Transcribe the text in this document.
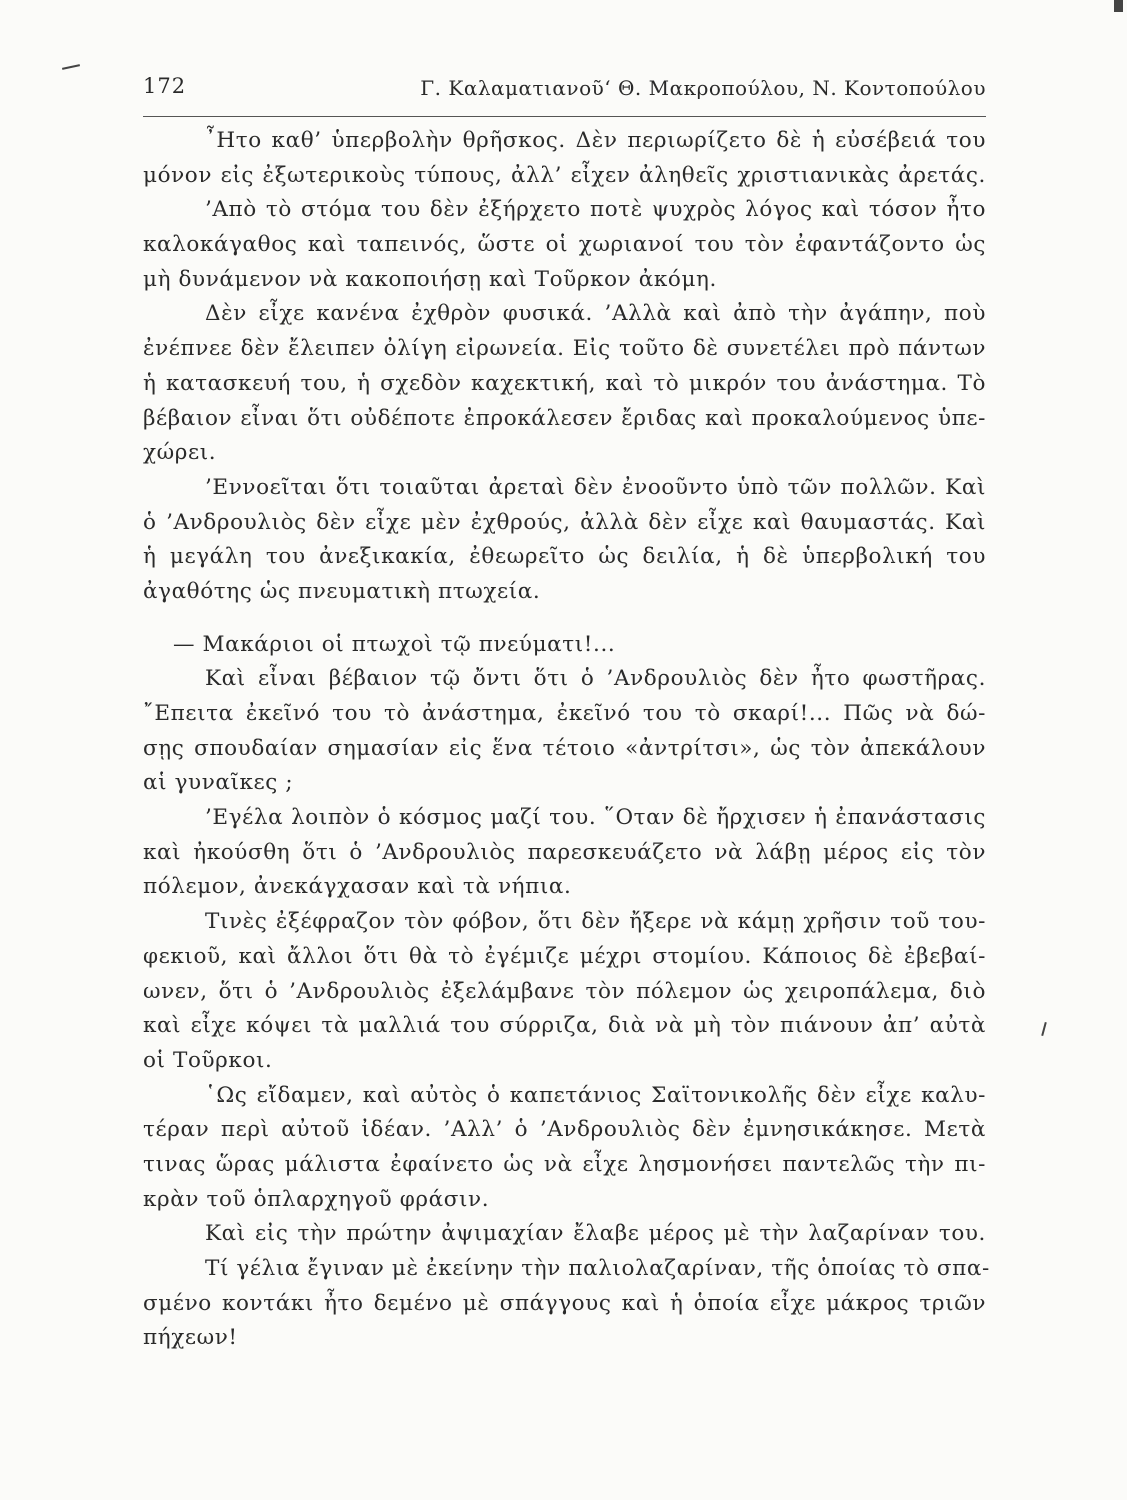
172	Γ. Καλαματιανοῦ‘ Θ. Μακροπούλου, Ν. Κοντοπούλου
῏Ητο καθ’ ὑπερβολὴν θρῆσκος. Δὲν περιωρίζετο δὲ ἡ εὐσέβειά του
μόνον εἰς ἐξωτερικοὺς τύπους, ἀλλ’ εἶχεν ἀληθεῖς χριστιανικὰς ἀρετάς.
’Απὸ τὸ στόμα του δὲν ἐξήρχετο ποτὲ ψυχρὸς λόγος καὶ τόσον ἦτο
καλοκάγαθος καὶ ταπεινός, ὥστε οἱ χωριανοί του τὸν ἐφαντάζοντο ὡς
μὴ δυνάμενον νὰ κακοποιήσῃ καὶ Τοῦρκον ἀκόμη.
Δὲν εἶχε κανένα ἐχθρὸν φυσικά. ’Αλλὰ καὶ ἀπὸ τὴν ἀγάπην, ποὺ
ἐνέπνεε δὲν ἔλειπεν ὀλίγη εἰρωνεία. Εἰς τοῦτο δὲ συνετέλει πρὸ πάντων
ἡ κατασκευή του, ἡ σχεδὸν καχεκτική, καὶ τὸ μικρόν του ἀνάστημα. Τὸ
βέβαιον εἶναι ὅτι οὐδέποτε ἐπροκάλεσεν ἔριδας καὶ προκαλούμενος ὑπε-
χώρει.
’Εννοεῖται ὅτι τοιαῦται ἀρεταὶ δὲν ἐνοοῦντο ὑπὸ τῶν πολλῶν. Καὶ
ὁ ’Ανδρουλιὸς δὲν εἶχε μὲν ἐχθρούς, ἀλλὰ δὲν εἶχε καὶ θαυμαστάς. Καὶ
ἡ μεγάλη του ἀνεξικακία, ἐθεωρεῖτο ὡς δειλία, ἡ δὲ ὑπερβολική του
ἀγαθότης ὡς πνευματικὴ πτωχεία.
— Μακάριοι οἱ πτωχοὶ τῷ πνεύματι!...
Καὶ εἶναι βέβαιον τῷ ὄντι ὅτι ὁ ’Ανδρουλιὸς δὲν ἦτο φωστῆρας.
῎Επειτα ἐκεῖνό του τὸ ἀνάστημα, ἐκεῖνό του τὸ σκαρί!... Πῶς νὰ δώ-
σῃς σπουδαίαν σημασίαν εἰς ἕνα τέτοιο «ἀντρίτσι», ὡς τὸν ἀπεκάλουν
αἱ γυναῖκες ;
’Εγέλα λοιπὸν ὁ κόσμος μαζί του. ῞Οταν δὲ ἤρχισεν ἡ ἐπανάστασις
καὶ ἠκούσθη ὅτι ὁ ’Ανδρουλιὸς παρεσκευάζετο νὰ λάβῃ μέρος εἰς τὸν
πόλεμον, ἀνεκάγχασαν καὶ τὰ νήπια.
Τινὲς ἐξέφραζον τὸν φόβον, ὅτι δὲν ἤξερε νὰ κάμῃ χρῆσιν τοῦ του-
φεκιοῦ, καὶ ἄλλοι ὅτι θὰ τὸ ἐγέμιζε μέχρι στομίου. Κάποιος δὲ ἐβεβαί-
ωνεν, ὅτι ὁ ’Ανδρουλιὸς ἐξελάμβανε τὸν πόλεμον ὡς χειροπάλεμα, διὸ
καὶ εἶχε κόψει τὰ μαλλιά του σύρριζα, διὰ νὰ μὴ τὸν πιάνουν ἀπ’ αὐτὰ
οἱ Τοῦρκοι.
῾Ως εἴδαμεν, καὶ αὐτὸς ὁ καπετάνιος Σαϊτονικολῆς δὲν εἶχε καλυ-
τέραν περὶ αὐτοῦ ἰδέαν. ’Αλλ’ ὁ ’Ανδρουλιὸς δὲν ἐμνησικάκησε. Μετὰ
τινας ὥρας μάλιστα ἐφαίνετο ὡς νὰ εἶχε λησμονήσει παντελῶς τὴν πι-
κρὰν τοῦ ὁπλαρχηγοῦ φράσιν.
Καὶ εἰς τὴν πρώτην ἀψιμαχίαν ἔλαβε μέρος μὲ τὴν λαζαρίναν του.
Τί γέλια ἔγιναν μὲ ἐκείνην τὴν παλιολαζαρίναν, τῆς ὁποίας τὸ σπα-
σμένο κοντάκι ἦτο δεμένο μὲ σπάγγους καὶ ἡ ὁποία εἶχε μάκρος τριῶν
πήχεων!
